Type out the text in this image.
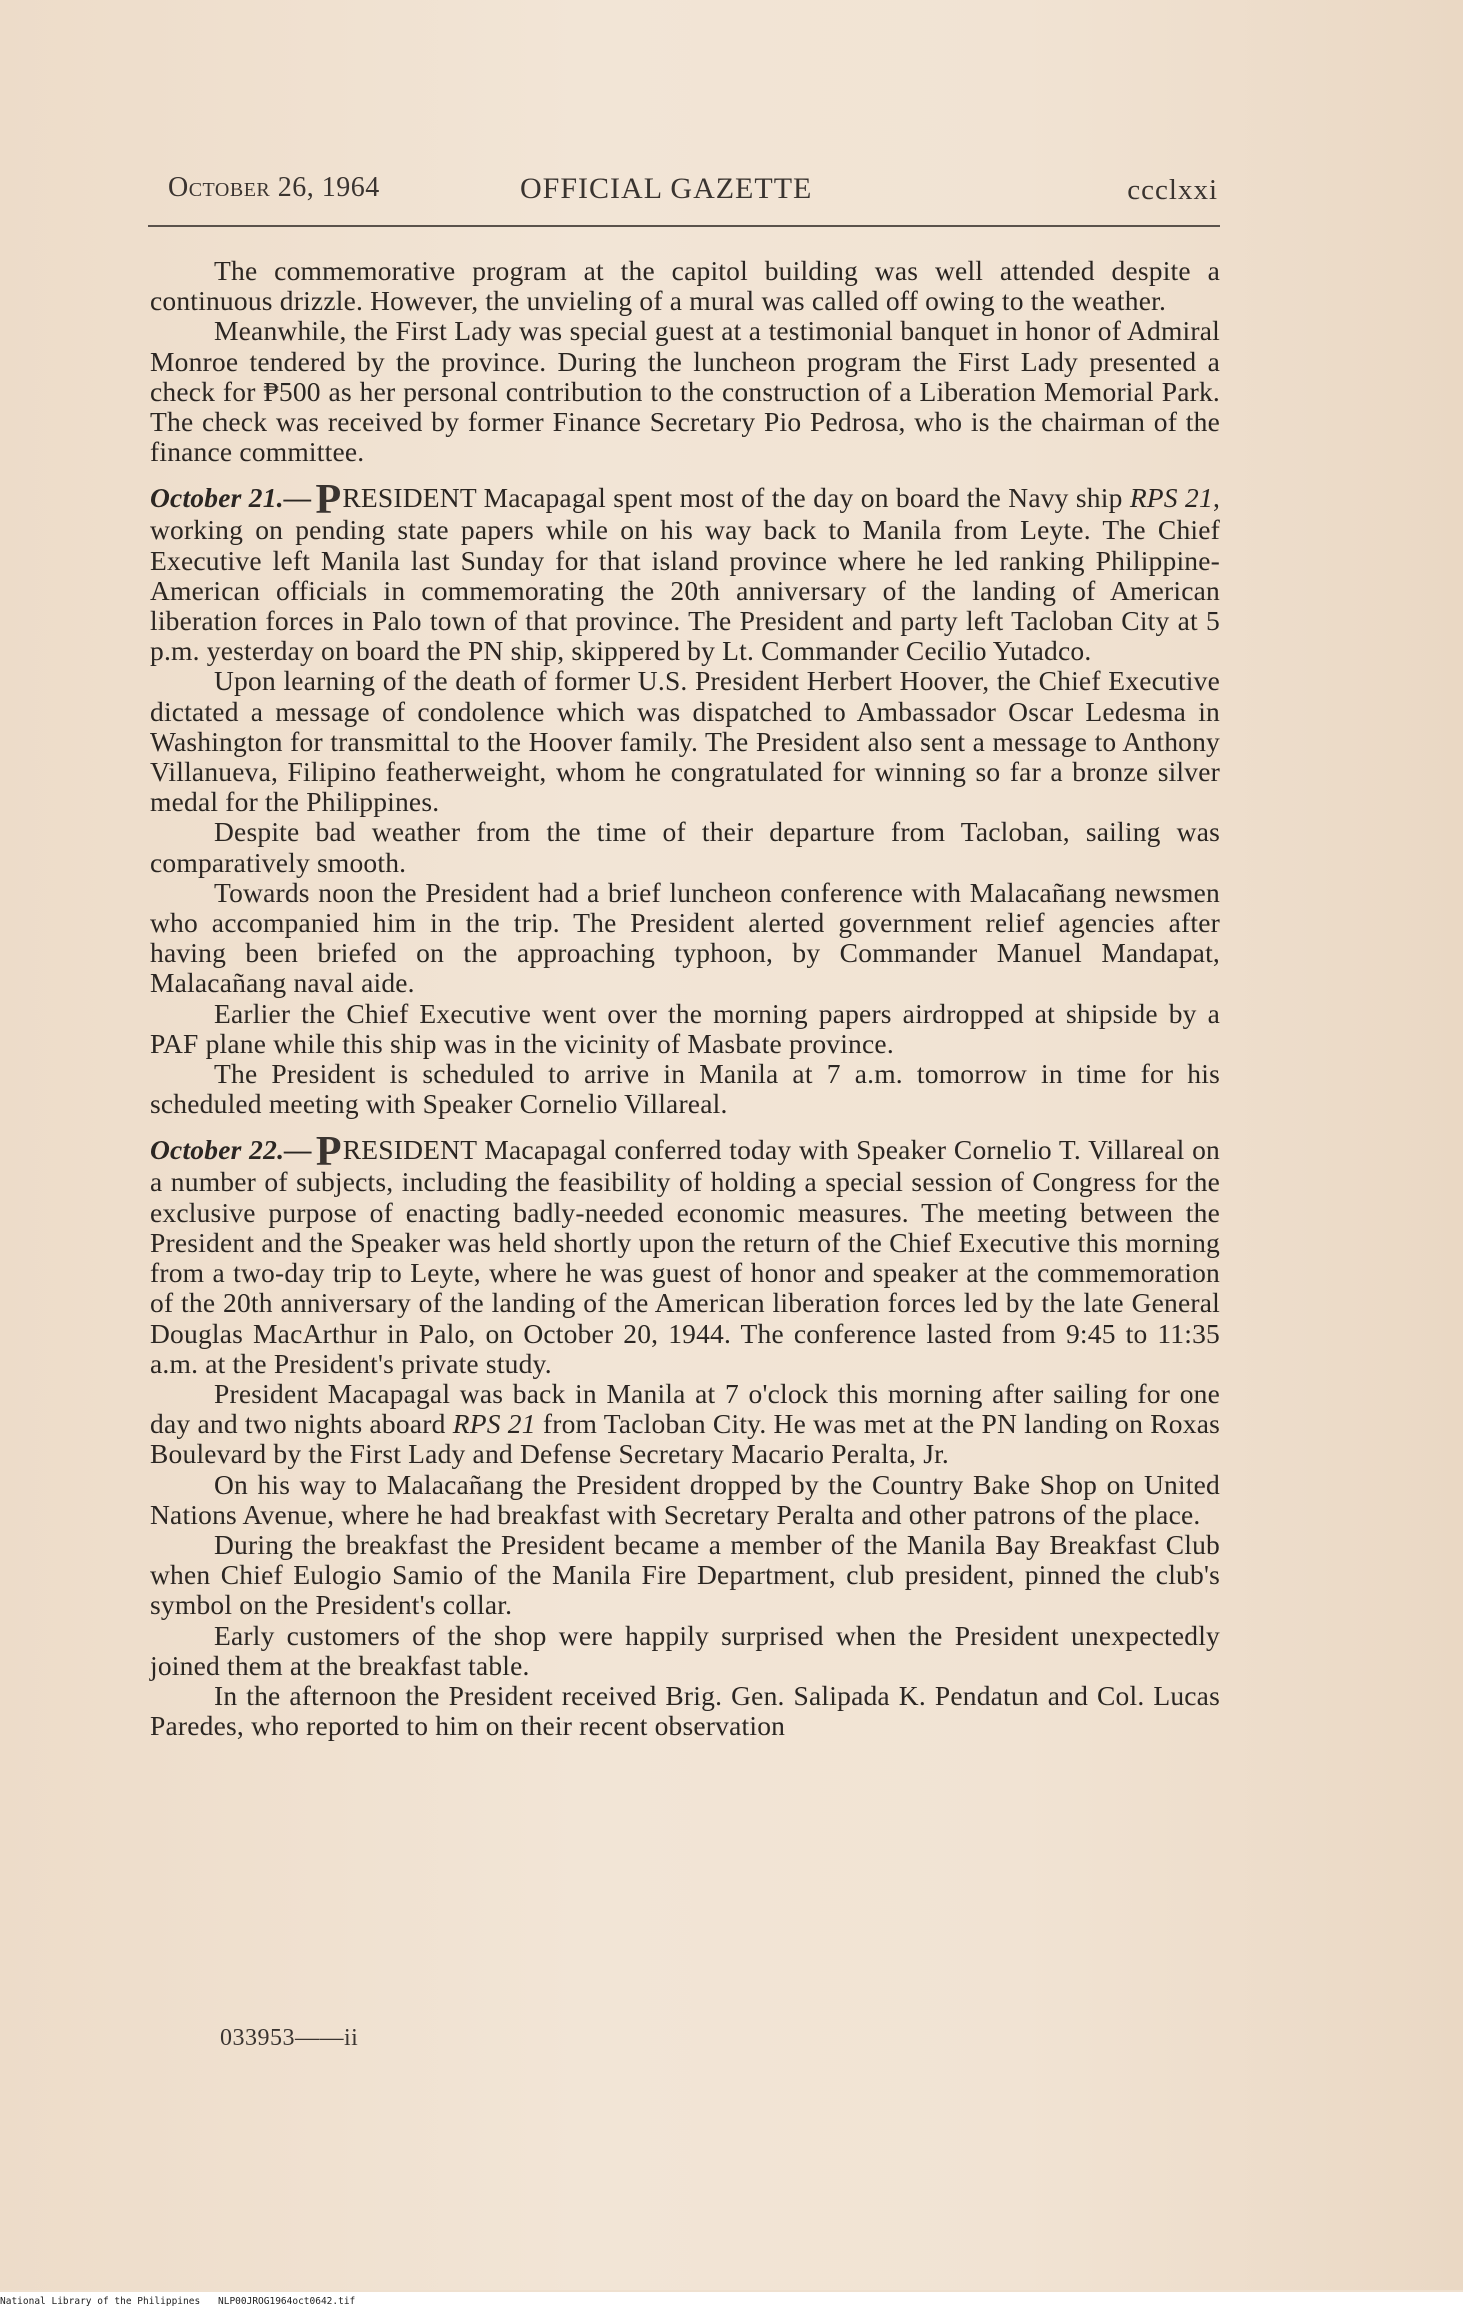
October 26, 1964	OFFICIAL GAZETTE	ccclxxi

The commemorative program at the capitol building was well attended despite a continuous drizzle. However, the unvieling of a mural was called off owing to the weather.

Meanwhile, the First Lady was special guest at a testimonial banquet in honor of Admiral Monroe tendered by the province. During the luncheon program the First Lady presented a check for ₱500 as her personal contribution to the construction of a Liberation Memorial Park. The check was received by former Finance Secretary Pio Pedrosa, who is the chairman of the finance committee.

October 21.—PRESIDENT Macapagal spent most of the day on board the Navy ship RPS 21, working on pending state papers while on his way back to Manila from Leyte. The Chief Executive left Manila last Sunday for that island province where he led ranking Philippine-American officials in commemorating the 20th anniversary of the landing of American liberation forces in Palo town of that province. The President and party left Tacloban City at 5 p.m. yesterday on board the PN ship, skippered by Lt. Commander Cecilio Yutadco.

Upon learning of the death of former U.S. President Herbert Hoover, the Chief Executive dictated a message of condolence which was dispatched to Ambassador Oscar Ledesma in Washington for transmittal to the Hoover family. The President also sent a message to Anthony Villanueva, Filipino featherweight, whom he congratulated for winning so far a bronze silver medal for the Philippines.

Despite bad weather from the time of their departure from Tacloban, sailing was comparatively smooth.

Towards noon the President had a brief luncheon conference with Malacañang newsmen who accompanied him in the trip. The President alerted government relief agencies after having been briefed on the approaching typhoon, by Commander Manuel Mandapat, Malacañang naval aide.

Earlier the Chief Executive went over the morning papers airdropped at shipside by a PAF plane while this ship was in the vicinity of Masbate province.

The President is scheduled to arrive in Manila at 7 a.m. tomorrow in time for his scheduled meeting with Speaker Cornelio Villareal.

October 22.—PRESIDENT Macapagal conferred today with Speaker Cornelio T. Villareal on a number of subjects, including the feasibility of holding a special session of Congress for the exclusive purpose of enacting badly-needed economic measures. The meeting between the President and the Speaker was held shortly upon the return of the Chief Executive this morning from a two-day trip to Leyte, where he was guest of honor and speaker at the commemoration of the 20th anniversary of the landing of the American liberation forces led by the late General Douglas MacArthur in Palo, on October 20, 1944. The conference lasted from 9:45 to 11:35 a.m. at the President's private study.

President Macapagal was back in Manila at 7 o'clock this morning after sailing for one day and two nights aboard RPS 21 from Tacloban City. He was met at the PN landing on Roxas Boulevard by the First Lady and Defense Secretary Macario Peralta, Jr.

On his way to Malacañang the President dropped by the Country Bake Shop on United Nations Avenue, where he had breakfast with Secretary Peralta and other patrons of the place.

During the breakfast the President became a member of the Manila Bay Breakfast Club when Chief Eulogio Samio of the Manila Fire Department, club president, pinned the club's symbol on the President's collar.

Early customers of the shop were happily surprised when the President unexpectedly joined them at the breakfast table.

In the afternoon the President received Brig. Gen. Salipada K. Pendatun and Col. Lucas Paredes, who reported to him on their recent observation

033953——ii
National Library of the Philippines NLP00JROG1964oct0642.tif
